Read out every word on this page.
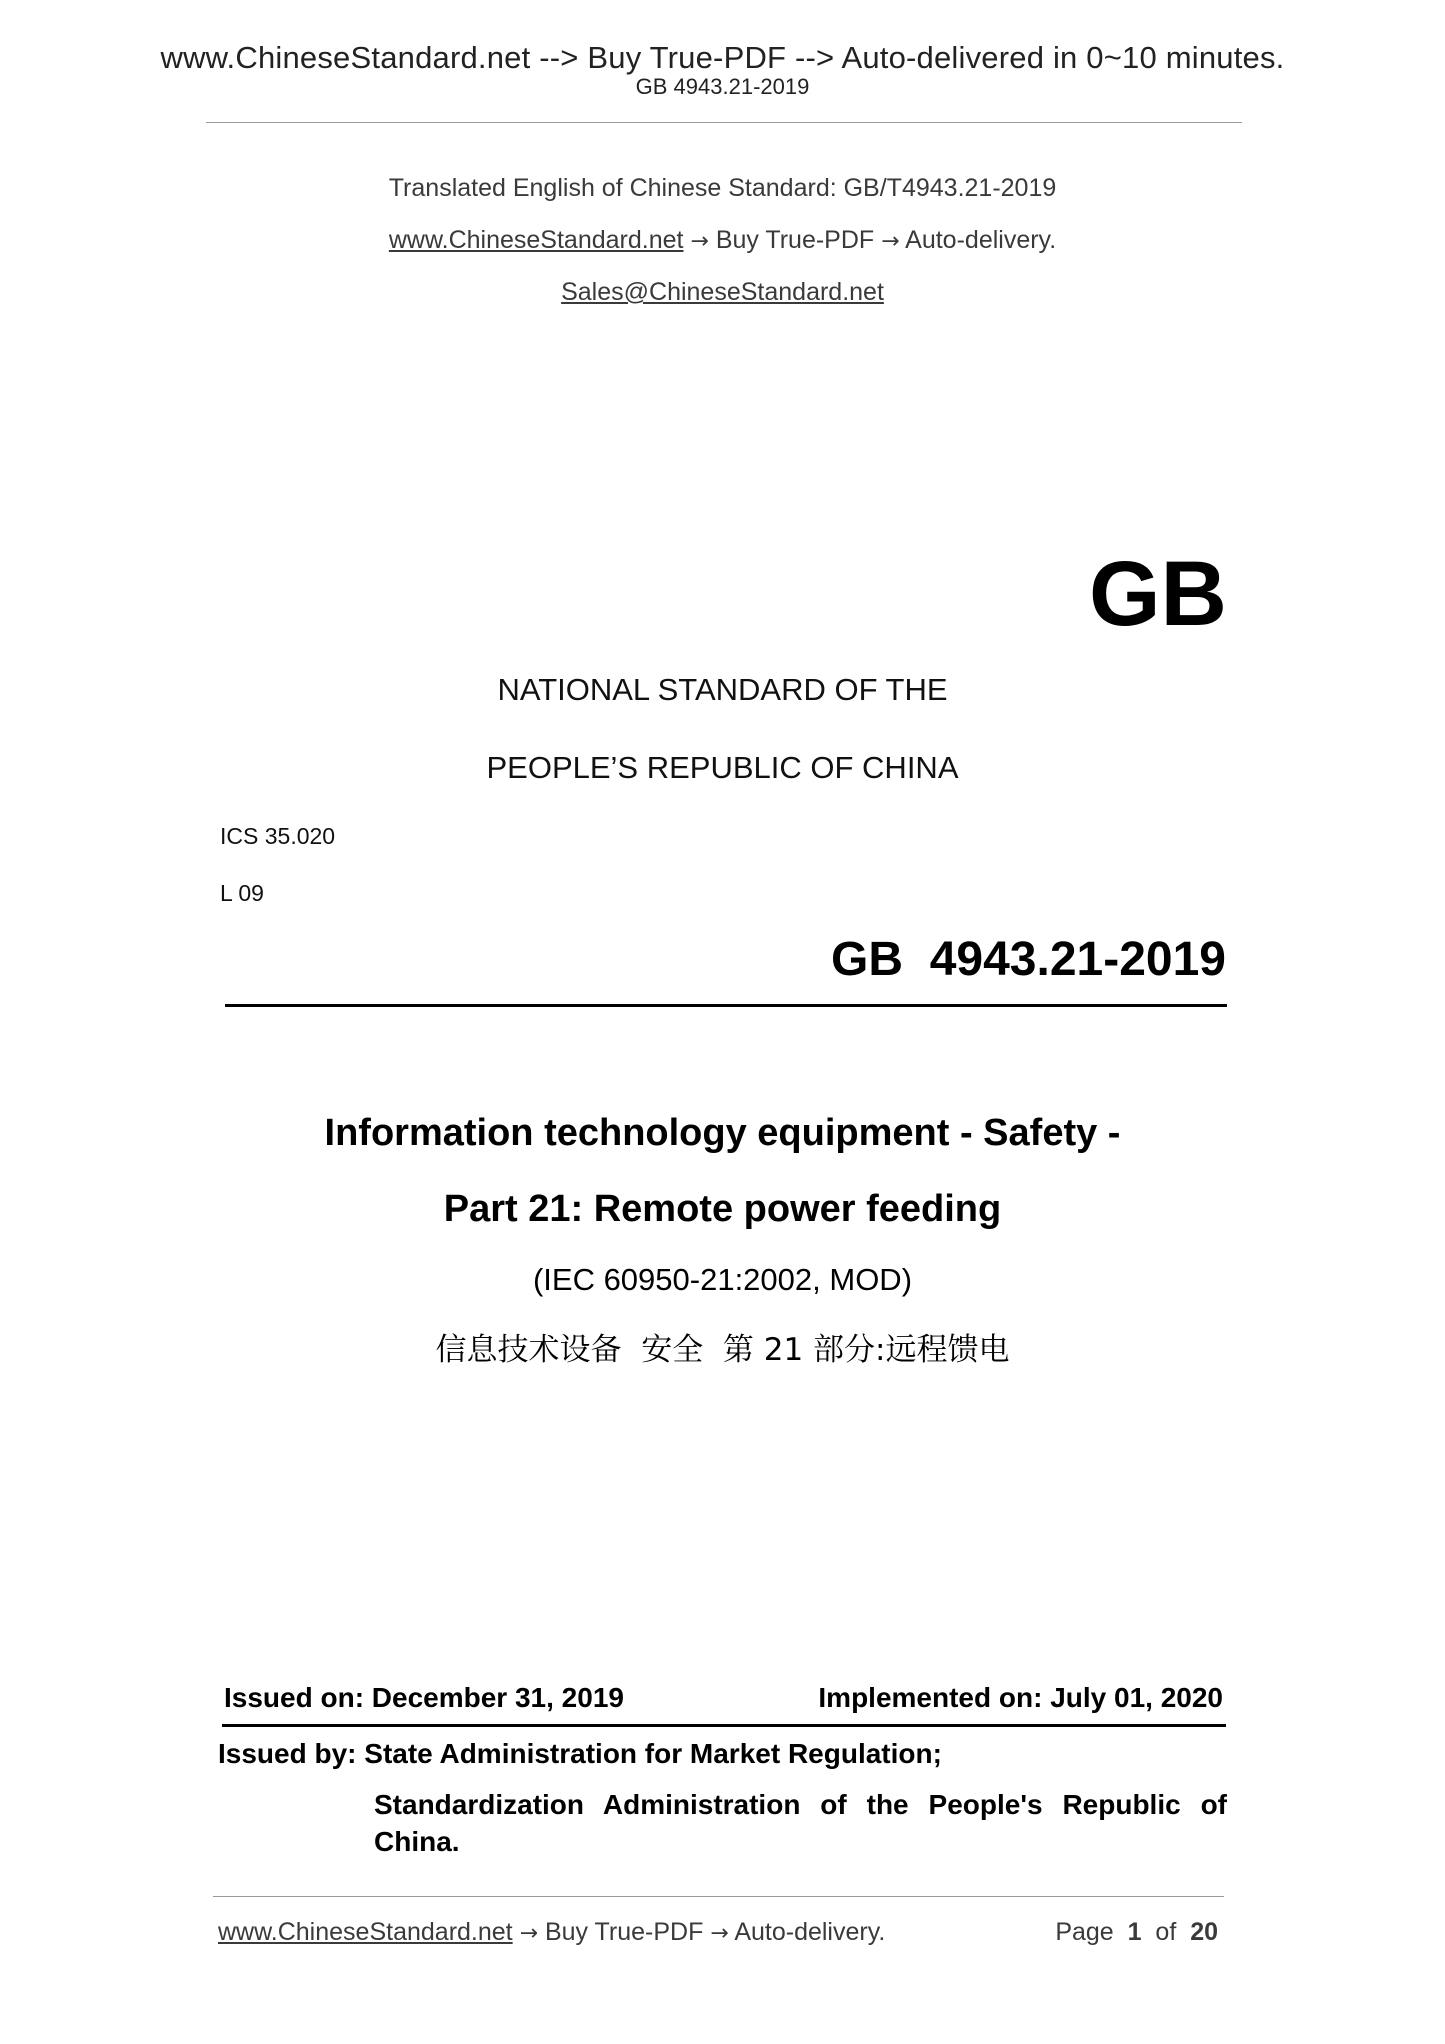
www.ChineseStandard.net --> Buy True-PDF --> Auto-delivered in 0~10 minutes.
GB 4943.21-2019
Translated English of Chinese Standard: GB/T4943.21-2019
www.ChineseStandard.net → Buy True-PDF → Auto-delivery.
Sales@ChineseStandard.net
GB
NATIONAL STANDARD OF THE
PEOPLE’S REPUBLIC OF CHINA
ICS 35.020
L 09
GB  4943.21-2019
Information technology equipment - Safety -
Part 21: Remote power feeding
(IEC 60950-21:2002, MOD)
信息技术设备  安全  第 21 部分:远程馈电
Issued on: December 31, 2019	Implemented on: July 01, 2020
Issued by: State Administration for Market Regulation;
Standardization Administration of the People's Republic of China.
www.ChineseStandard.net → Buy True-PDF → Auto-delivery.	Page 1 of 20
